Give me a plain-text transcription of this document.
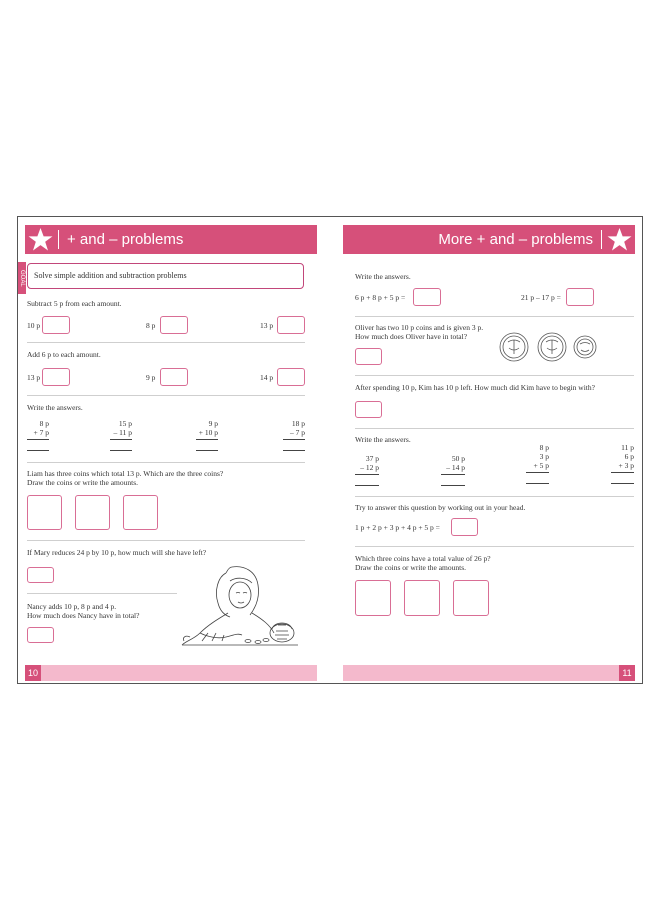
+ and – problems
GOAL	Solve simple addition and subtraction problems
Subtract 5 p from each amount.
10 p	8 p	13 p
Add 6 p to each amount.
13 p	9 p	14 p
Write the answers.
8 p
+ 7 p
15 p
– 11 p
9 p
+ 10 p
18 p
– 7 p
Liam has three coins which total 13 p. Which are the three coins?
Draw the coins or write the amounts.
If Mary reduces 24 p by 10 p, how much will she have left?
Nancy adds 10 p, 8 p and 4 p.
How much does Nancy have in total?
10
More + and – problems
Write the answers.
6 p + 8 p + 5 p =	21 p – 17 p =
Oliver has two 10 p coins and is given 3 p.
How much does Oliver have in total?
After spending 10 p, Kim has 10 p left. How much did Kim have to begin with?
Write the answers.
37 p
– 12 p
50 p
– 14 p
8 p
3 p
+ 5 p
11 p
6 p
+ 3 p
Try to answer this question by working out in your head.
1 p + 2 p + 3 p + 4 p + 5 p =
Which three coins have a total value of 26 p?
Draw the coins or write the amounts.
11
